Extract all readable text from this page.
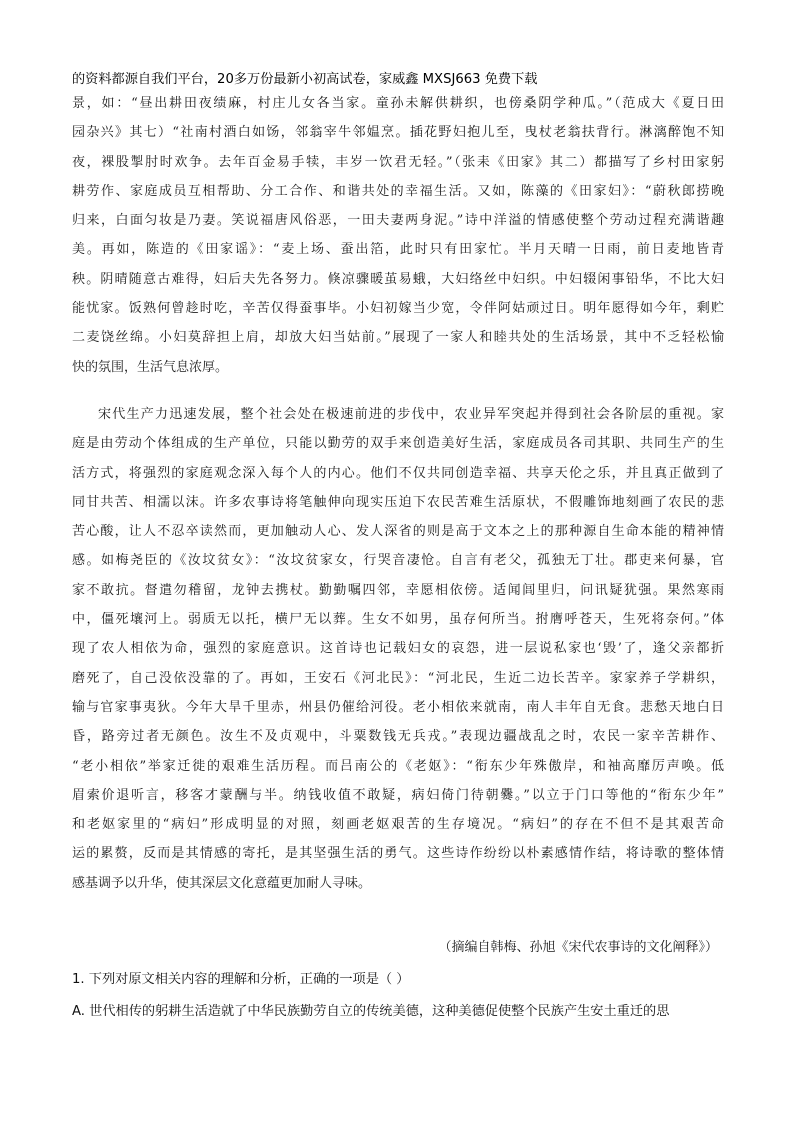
的资料都源自我们平台，20多万份最新小初高试卷，家威鑫 MXSJ663 免费下载
景，如：“昼出耕田夜绩麻，村庄儿女各当家。童孙未解供耕织，也傍桑阴学种瓜。”（范成大《夏日田
园杂兴》其七）“社南村酒白如饧，邻翁宰牛邻媪烹。插花野妇抱儿至，曳杖老翁扶背行。淋漓醉饱不知
夜，裸股掣肘时欢争。去年百金易手犊，丰岁一饮君无轻。”（张耒《田家》其二）都描写了乡村田家躬
耕劳作、家庭成员互相帮助、分工合作、和谐共处的幸福生活。又如，陈藻的《田家妇》：“蔚秋郎捞晚
归来，白面匀妆是乃妻。笑说福唐风俗恶，一田夫妻两身泥。”诗中洋溢的情感使整个劳动过程充满谐趣
美。再如，陈造的《田家谣》：“麦上场、蚕出箔，此时只有田家忙。半月天晴一日雨，前日麦地皆青
秧。阴晴随意古难得，妇后夫先各努力。倏凉骤暖茧易蛾，大妇络丝中妇织。中妇辍闲事铅华，不比大妇
能忧家。饭熟何曾趁时吃，辛苦仅得蚕事毕。小妇初嫁当少宽，令伴阿姑顽过日。明年愿得如今年，剩贮
二麦饶丝绵。小妇莫辞担上肩，却放大妇当姑前。”展现了一家人和睦共处的生活场景，其中不乏轻松愉
快的氛围，生活气息浓厚。
宋代生产力迅速发展，整个社会处在极速前进的步伐中，农业异军突起并得到社会各阶层的重视。家
庭是由劳动个体组成的生产单位，只能以勤劳的双手来创造美好生活，家庭成员各司其职、共同生产的生
活方式，将强烈的家庭观念深入每个人的内心。他们不仅共同创造幸福、共享天伦之乐，并且真正做到了
同甘共苦、相濡以沫。许多农事诗将笔触伸向现实压迫下农民苦难生活原状，不假雕饰地刻画了农民的悲
苦心酸，让人不忍卒读然而，更加触动人心、发人深省的则是高于文本之上的那种源自生命本能的精神情
感。如梅尧臣的《汝坟贫女》：“汝坟贫家女，行哭音凄怆。自言有老父，孤独无丁壮。郡吏来何暴，官
家不敢抗。督遣勿稽留，龙钟去携杖。勤勤嘱四邻，幸愿相依傍。适闻闾里归，问讯疑犹强。果然寒雨
中，僵死壤河上。弱质无以托，横尸无以葬。生女不如男，虽存何所当。拊膺呼苍天，生死将奈何。”体
现了农人相依为命，强烈的家庭意识。这首诗也记载妇女的哀怨，进一层说私家也‘毁’了，逢父亲都折
磨死了，自己没依没靠的了。再如，王安石《河北民》：“河北民，生近二边长苦辛。家家养子学耕织，
输与官家事夷狄。今年大旱千里赤，州县仍催给河役。老小相依来就南，南人丰年自无食。悲愁天地白日
昏，路旁过者无颜色。汝生不及贞观中，斗粟数钱无兵戎。”表现边疆战乱之时，农民一家辛苦耕作、
“老小相依”举家迁徙的艰难生活历程。而吕南公的《老妪》：“衔东少年殊傲岸，和袖高靡厉声唤。低
眉索价退听言，移客才蒙酬与半。纳钱收值不敢疑，病妇倚门待朝爨。”以立于门口等他的“衔东少年”
和老妪家里的“病妇”形成明显的对照，刻画老妪艰苦的生存境况。“病妇”的存在不但不是其艰苦命
运的累赘，反而是其情感的寄托，是其坚强生活的勇气。这些诗作纷纷以朴素感情作结，将诗歌的整体情
感基调予以升华，使其深层文化意蕴更加耐人寻味。
（摘编自韩梅、孙旭《宋代农事诗的文化阐释》）
1. 下列对原文相关内容的理解和分析，正确的一项是（ ）
A. 世代相传的躬耕生活造就了中华民族勤劳自立的传统美德，这种美德促使整个民族产生安土重迁的思
